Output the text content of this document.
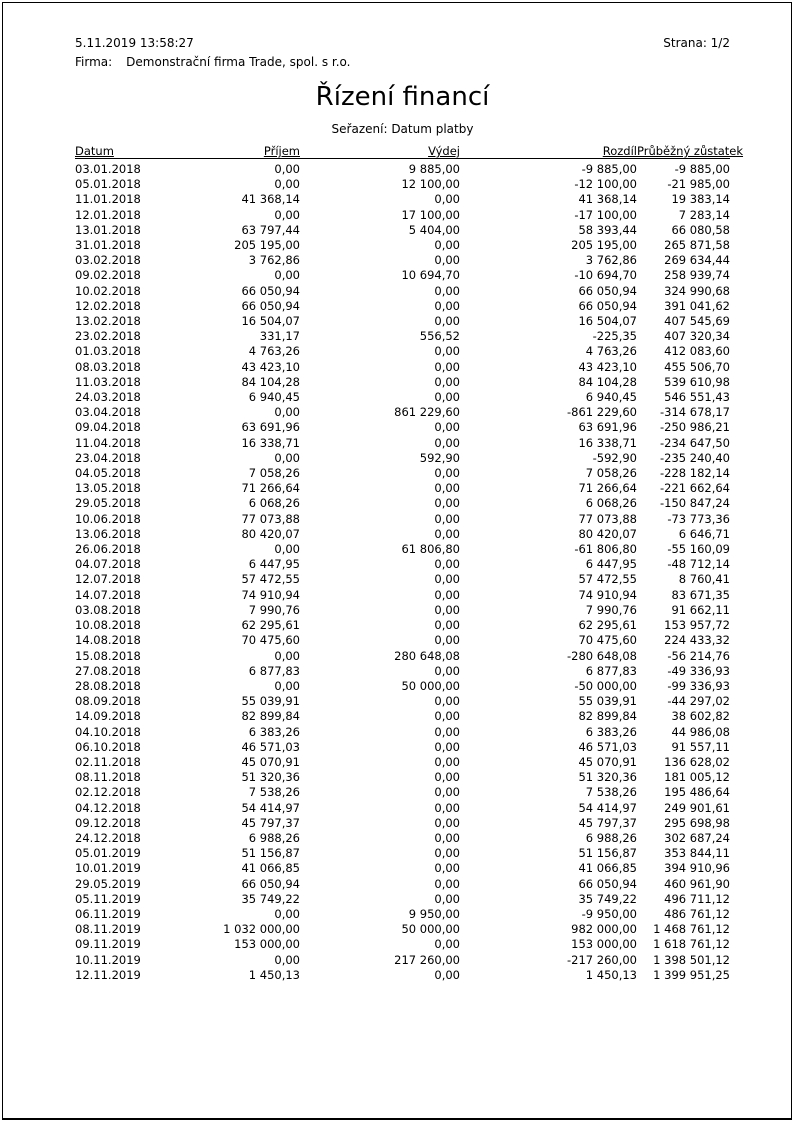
5.11.2019 13:58:27	Strana: 1/2
Firma: Demonstrační firma Trade, spol. s r.o.
Řízení financí
Seřazení: Datum platby
Datum	Příjem	Výdej	Rozdíl	Průběžný zůstatek
03.01.2018	0,00	9 885,00	-9 885,00	-9 885,00
05.01.2018	0,00	12 100,00	-12 100,00	-21 985,00
11.01.2018	41 368,14	0,00	41 368,14	19 383,14
12.01.2018	0,00	17 100,00	-17 100,00	7 283,14
13.01.2018	63 797,44	5 404,00	58 393,44	66 080,58
31.01.2018	205 195,00	0,00	205 195,00	265 871,58
03.02.2018	3 762,86	0,00	3 762,86	269 634,44
09.02.2018	0,00	10 694,70	-10 694,70	258 939,74
10.02.2018	66 050,94	0,00	66 050,94	324 990,68
12.02.2018	66 050,94	0,00	66 050,94	391 041,62
13.02.2018	16 504,07	0,00	16 504,07	407 545,69
23.02.2018	331,17	556,52	-225,35	407 320,34
01.03.2018	4 763,26	0,00	4 763,26	412 083,60
08.03.2018	43 423,10	0,00	43 423,10	455 506,70
11.03.2018	84 104,28	0,00	84 104,28	539 610,98
24.03.2018	6 940,45	0,00	6 940,45	546 551,43
03.04.2018	0,00	861 229,60	-861 229,60	-314 678,17
09.04.2018	63 691,96	0,00	63 691,96	-250 986,21
11.04.2018	16 338,71	0,00	16 338,71	-234 647,50
23.04.2018	0,00	592,90	-592,90	-235 240,40
04.05.2018	7 058,26	0,00	7 058,26	-228 182,14
13.05.2018	71 266,64	0,00	71 266,64	-221 662,64
29.05.2018	6 068,26	0,00	6 068,26	-150 847,24
10.06.2018	77 073,88	0,00	77 073,88	-73 773,36
13.06.2018	80 420,07	0,00	80 420,07	6 646,71
26.06.2018	0,00	61 806,80	-61 806,80	-55 160,09
04.07.2018	6 447,95	0,00	6 447,95	-48 712,14
12.07.2018	57 472,55	0,00	57 472,55	8 760,41
14.07.2018	74 910,94	0,00	74 910,94	83 671,35
03.08.2018	7 990,76	0,00	7 990,76	91 662,11
10.08.2018	62 295,61	0,00	62 295,61	153 957,72
14.08.2018	70 475,60	0,00	70 475,60	224 433,32
15.08.2018	0,00	280 648,08	-280 648,08	-56 214,76
27.08.2018	6 877,83	0,00	6 877,83	-49 336,93
28.08.2018	0,00	50 000,00	-50 000,00	-99 336,93
08.09.2018	55 039,91	0,00	55 039,91	-44 297,02
14.09.2018	82 899,84	0,00	82 899,84	38 602,82
04.10.2018	6 383,26	0,00	6 383,26	44 986,08
06.10.2018	46 571,03	0,00	46 571,03	91 557,11
02.11.2018	45 070,91	0,00	45 070,91	136 628,02
08.11.2018	51 320,36	0,00	51 320,36	181 005,12
02.12.2018	7 538,26	0,00	7 538,26	195 486,64
04.12.2018	54 414,97	0,00	54 414,97	249 901,61
09.12.2018	45 797,37	0,00	45 797,37	295 698,98
24.12.2018	6 988,26	0,00	6 988,26	302 687,24
05.01.2019	51 156,87	0,00	51 156,87	353 844,11
10.01.2019	41 066,85	0,00	41 066,85	394 910,96
29.05.2019	66 050,94	0,00	66 050,94	460 961,90
05.11.2019	35 749,22	0,00	35 749,22	496 711,12
06.11.2019	0,00	9 950,00	-9 950,00	486 761,12
08.11.2019	1 032 000,00	50 000,00	982 000,00	1 468 761,12
09.11.2019	153 000,00	0,00	153 000,00	1 618 761,12
10.11.2019	0,00	217 260,00	-217 260,00	1 398 501,12
12.11.2019	1 450,13	0,00	1 450,13	1 399 951,25
